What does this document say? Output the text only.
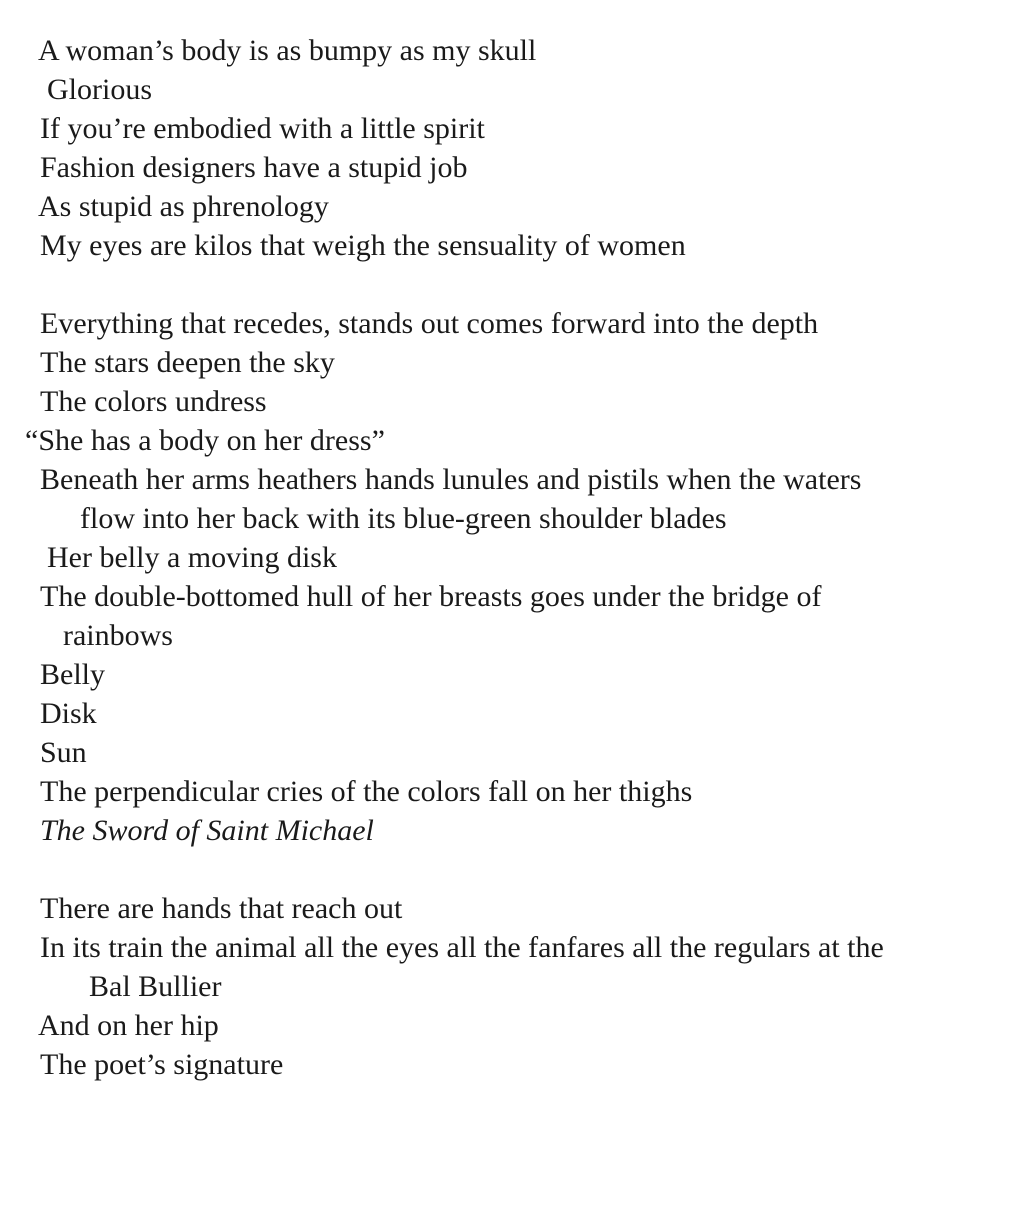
A woman’s body is as bumpy as my skull
Glorious
If you’re embodied with a little spirit
Fashion designers have a stupid job
As stupid as phrenology
My eyes are kilos that weigh the sensuality of women
Everything that recedes, stands out comes forward into the depth
The stars deepen the sky
The colors undress
“She has a body on her dress”
Beneath her arms heathers hands lunules and pistils when the waters
flow into her back with its blue-green shoulder blades
Her belly a moving disk
The double-bottomed hull of her breasts goes under the bridge of
rainbows
Belly
Disk
Sun
The perpendicular cries of the colors fall on her thighs
The Sword of Saint Michael
There are hands that reach out
In its train the animal all the eyes all the fanfares all the regulars at the
Bal Bullier
And on her hip
The poet’s signature
